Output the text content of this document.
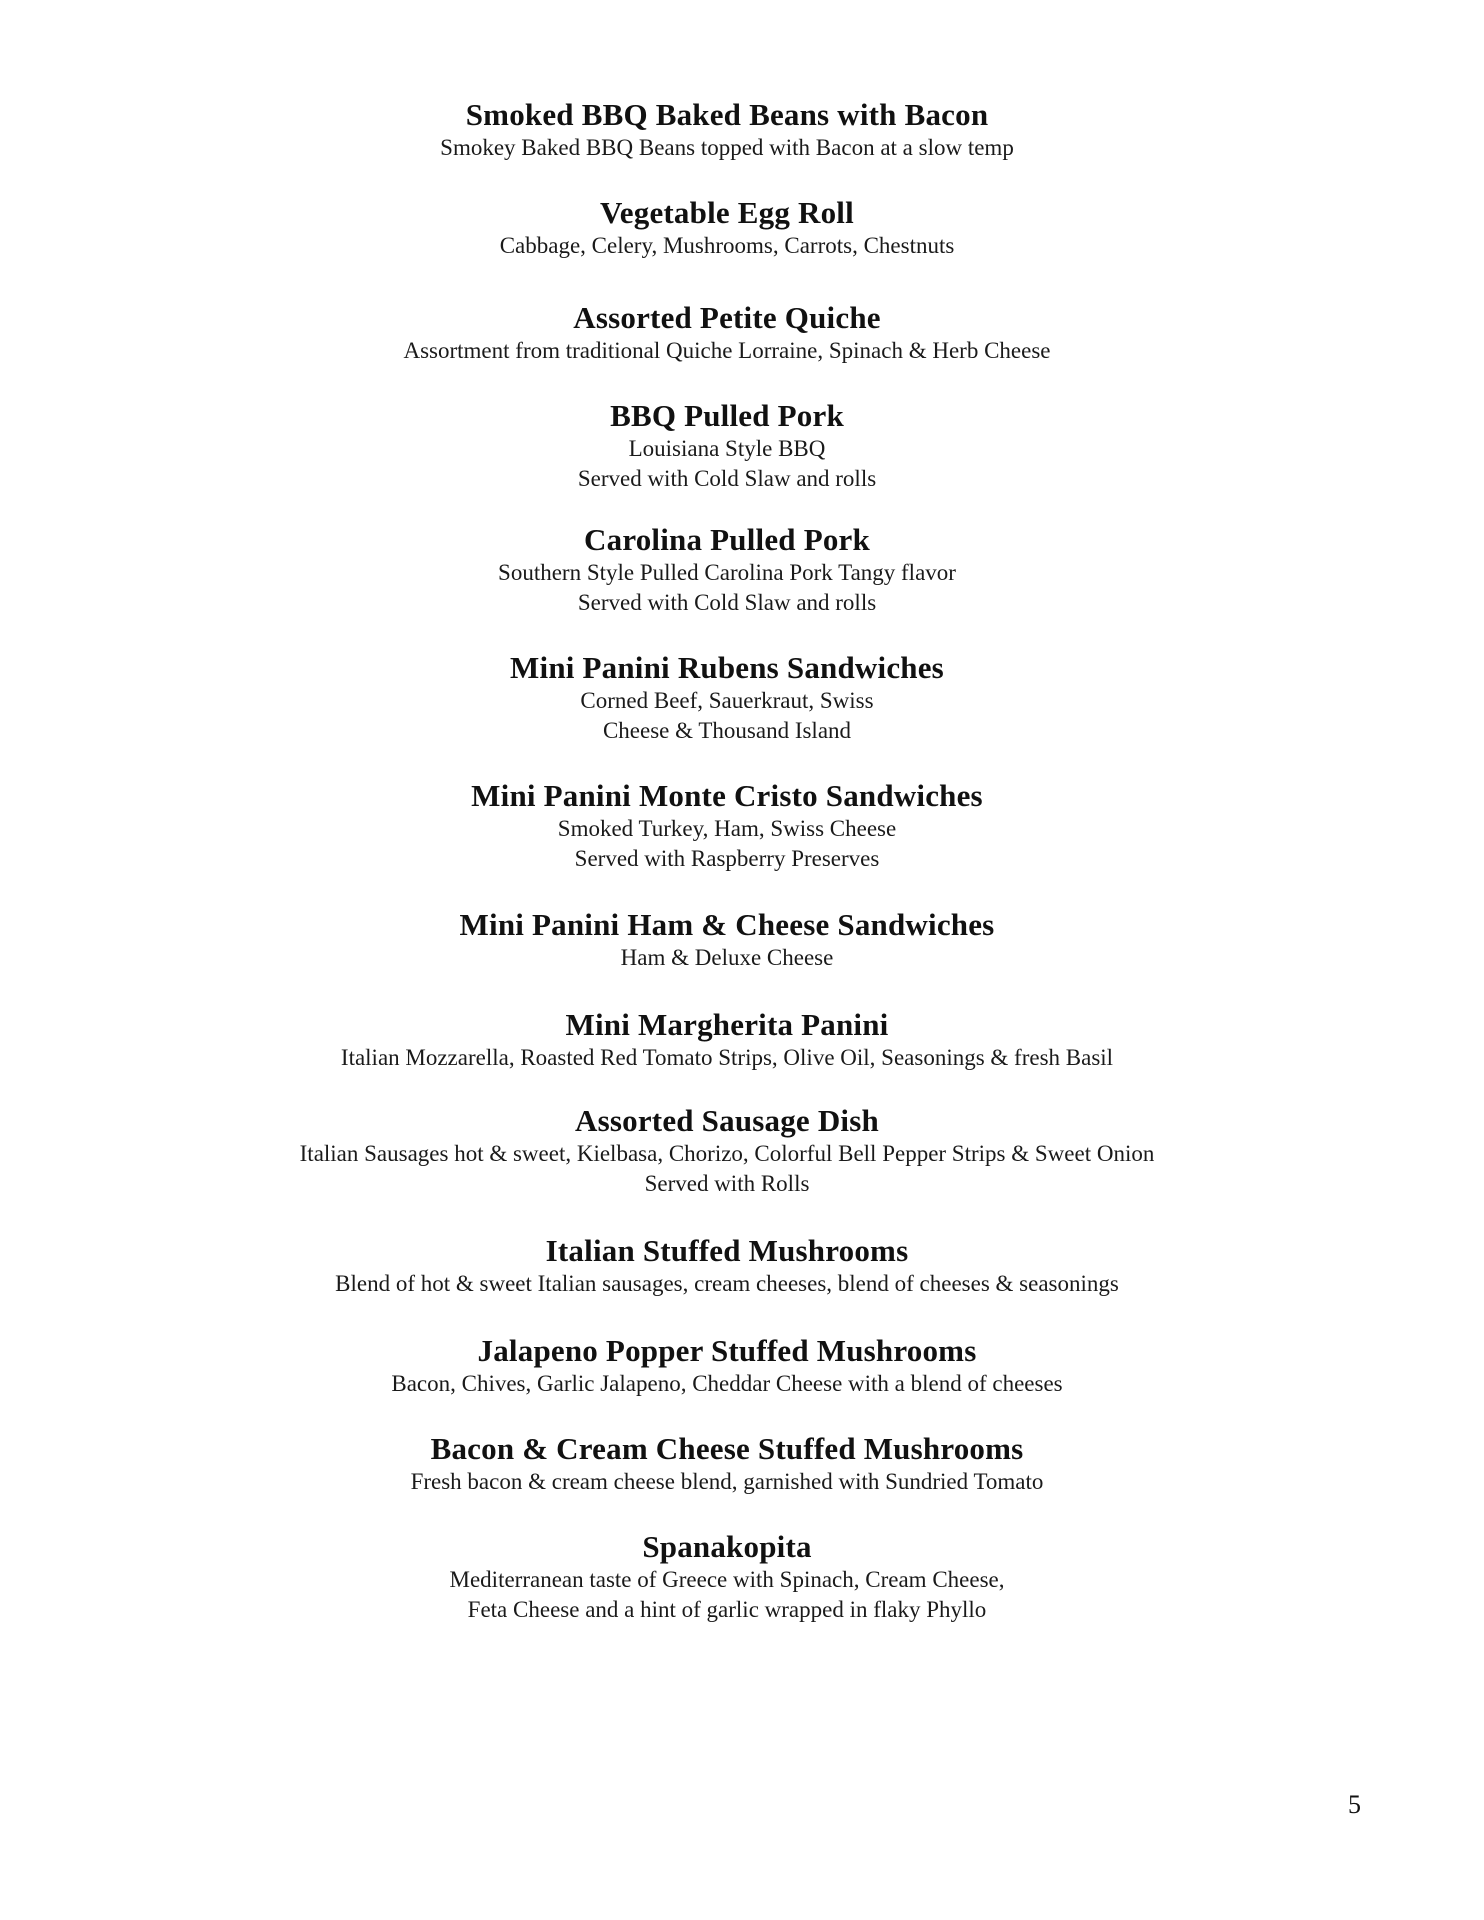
Smoked BBQ Baked Beans with Bacon

Smokey Baked BBQ Beans topped with Bacon at a slow temp

Vegetable Egg Roll

Cabbage, Celery, Mushrooms, Carrots, Chestnuts

Assorted Petite Quiche

Assortment from traditional Quiche Lorraine, Spinach & Herb Cheese

BBQ Pulled Pork

Louisiana Style BBQ

Served with Cold Slaw and rolls

Carolina Pulled Pork

Southern Style Pulled Carolina Pork Tangy flavor

Served with Cold Slaw and rolls

Mini Panini Rubens Sandwiches

Corned Beef, Sauerkraut, Swiss

Cheese & Thousand Island

Mini Panini Monte Cristo Sandwiches

Smoked Turkey, Ham, Swiss Cheese

Served with Raspberry Preserves

Mini Panini Ham & Cheese Sandwiches

Ham & Deluxe Cheese

Mini Margherita Panini

Italian Mozzarella, Roasted Red Tomato Strips, Olive Oil, Seasonings & fresh Basil

Assorted Sausage Dish

Italian Sausages hot & sweet, Kielbasa, Chorizo, Colorful Bell Pepper Strips & Sweet Onion

Served with Rolls

Italian Stuffed Mushrooms

Blend of hot & sweet Italian sausages, cream cheeses, blend of cheeses & seasonings

Jalapeno Popper Stuffed Mushrooms

Bacon, Chives, Garlic Jalapeno, Cheddar Cheese with a blend of cheeses

Bacon & Cream Cheese Stuffed Mushrooms

Fresh bacon & cream cheese blend, garnished with Sundried Tomato

Spanakopita

Mediterranean taste of Greece with Spinach, Cream Cheese,

Feta Cheese and a hint of garlic wrapped in flaky Phyllo

5
